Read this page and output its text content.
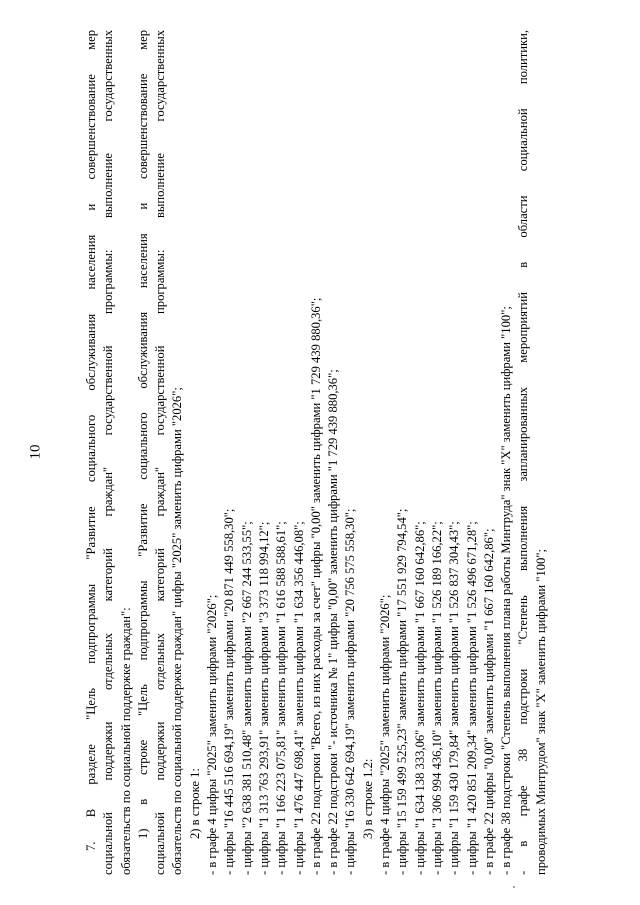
10	7. В разделе "Цель подпрограммы "Развитие социального обслуживания населения и совершенствование мер социальной поддержки отдельных категорий граждан" государственной программы: выполнение государственных обязательств по социальной поддержке граждан": 1) в строке "Цель подпрограммы "Развитие социального обслуживания населения и совершенствование мер социальной поддержки отдельных категорий граждан" государственной программы: выполнение государственных обязательств по социальной поддержке граждан" цифры "2025" заменить цифрами "2026"; 2) в строке 1: - в графе 4 цифры "2025" заменить цифрами "2026"; - цифры "16 445 516 694,19" заменить цифрами "20 871 449 558,30"; - цифры "2 638 381 510,48" заменить цифрами "2 667 244 533,55"; - цифры "1 313 763 293,91" заменить цифрами "3 373 118 994,12"; - цифры "1 166 223 075,81" заменить цифрами "1 616 588 588,61"; - цифры "1 476 447 698,41" заменить цифрами "1 634 356 446,08"; - в графе 22 подстроки "Всего, из них расходы за счет" цифры "0,00" заменить цифрами "1 729 439 880,36"; - в графе 22 подстроки "- источника № 1" цифры "0,00" заменить цифрами "1 729 439 880,36"; - цифры "16 330 642 694,19" заменить цифрами "20 756 575 558,30"; 3) в строке 1.2: - в графе 4 цифры "2025" заменить цифрами "2026"; - цифры "15 159 499 525,23" заменить цифрами "17 551 929 794,54"; - цифры "1 634 138 333,06" заменить цифрами "1 667 160 642,86"; - цифры "1 306 994 436,10" заменить цифрами "1 526 189 166,22"; - цифры "1 159 430 179,84" заменить цифрами "1 526 837 304,43"; - цифры "1 420 851 209,34" заменить цифрами "1 526 496 671,28"; - в графе 22 цифры "0,00" заменить цифрами "1 667 160 642,86"; - в графе 38 подстроки "Степень выполнения плана работы Минтруда" знак "X" заменить цифрами "100"; - в графе 38 подстроки "Степень выполнения запланированных мероприятий в области социальной политики, проводимых Минтрудом" знак "X" заменить цифрами "100";
